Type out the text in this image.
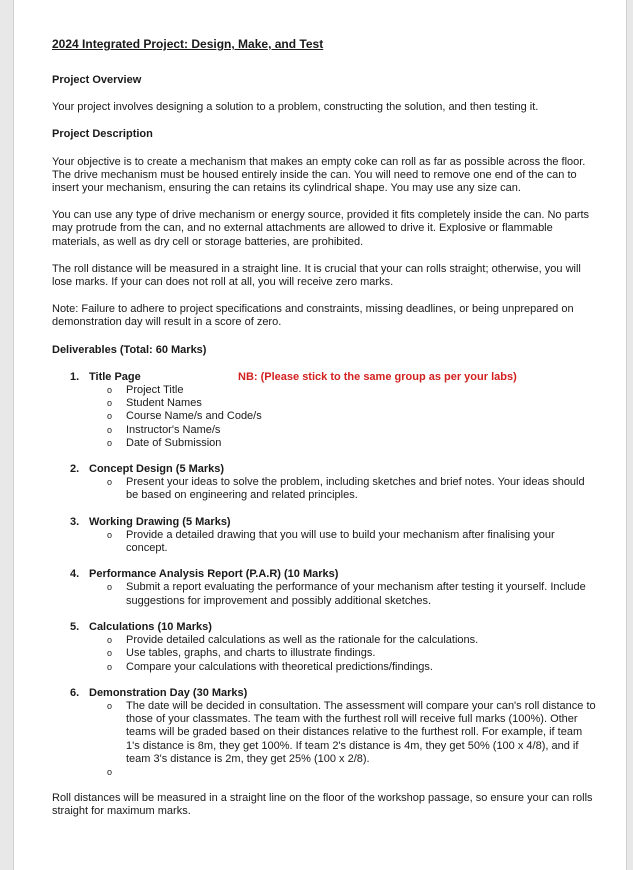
2024 Integrated Project: Design, Make, and Test

Project Overview

Your project involves designing a solution to a problem, constructing the solution, and then testing it.

Project Description

Your objective is to create a mechanism that makes an empty coke can roll as far as possible across the floor. The drive mechanism must be housed entirely inside the can. You will need to remove one end of the can to insert your mechanism, ensuring the can retains its cylindrical shape. You may use any size can.

You can use any type of drive mechanism or energy source, provided it fits completely inside the can. No parts may protrude from the can, and no external attachments are allowed to drive it. Explosive or flammable materials, as well as dry cell or storage batteries, are prohibited.

The roll distance will be measured in a straight line. It is crucial that your can rolls straight; otherwise, you will lose marks. If your can does not roll at all, you will receive zero marks.

Note: Failure to adhere to project specifications and constraints, missing deadlines, or being unprepared on demonstration day will result in a score of zero.

Deliverables (Total: 60 Marks)

1. Title Page	NB: (Please stick to the same group as per your labs)
o Project Title
o Student Names
o Course Name/s and Code/s
o Instructor's Name/s
o Date of Submission
2. Concept Design (5 Marks)
o Present your ideas to solve the problem, including sketches and brief notes. Your ideas should be based on engineering and related principles.
3. Working Drawing (5 Marks)
o Provide a detailed drawing that you will use to build your mechanism after finalising your concept.
4. Performance Analysis Report (P.A.R) (10 Marks)
o Submit a report evaluating the performance of your mechanism after testing it yourself. Include suggestions for improvement and possibly additional sketches.
5. Calculations (10 Marks)
o Provide detailed calculations as well as the rationale for the calculations.
o Use tables, graphs, and charts to illustrate findings.
o Compare your calculations with theoretical predictions/findings.
6. Demonstration Day (30 Marks)
o The date will be decided in consultation. The assessment will compare your can's roll distance to those of your classmates. The team with the furthest roll will receive full marks (100%). Other teams will be graded based on their distances relative to the furthest roll. For example, if team 1's distance is 8m, they get 100%. If team 2's distance is 4m, they get 50% (100 x 4/8), and if team 3's distance is 2m, they get 25% (100 x 2/8).
o

Roll distances will be measured in a straight line on the floor of the workshop passage, so ensure your can rolls straight for maximum marks.
